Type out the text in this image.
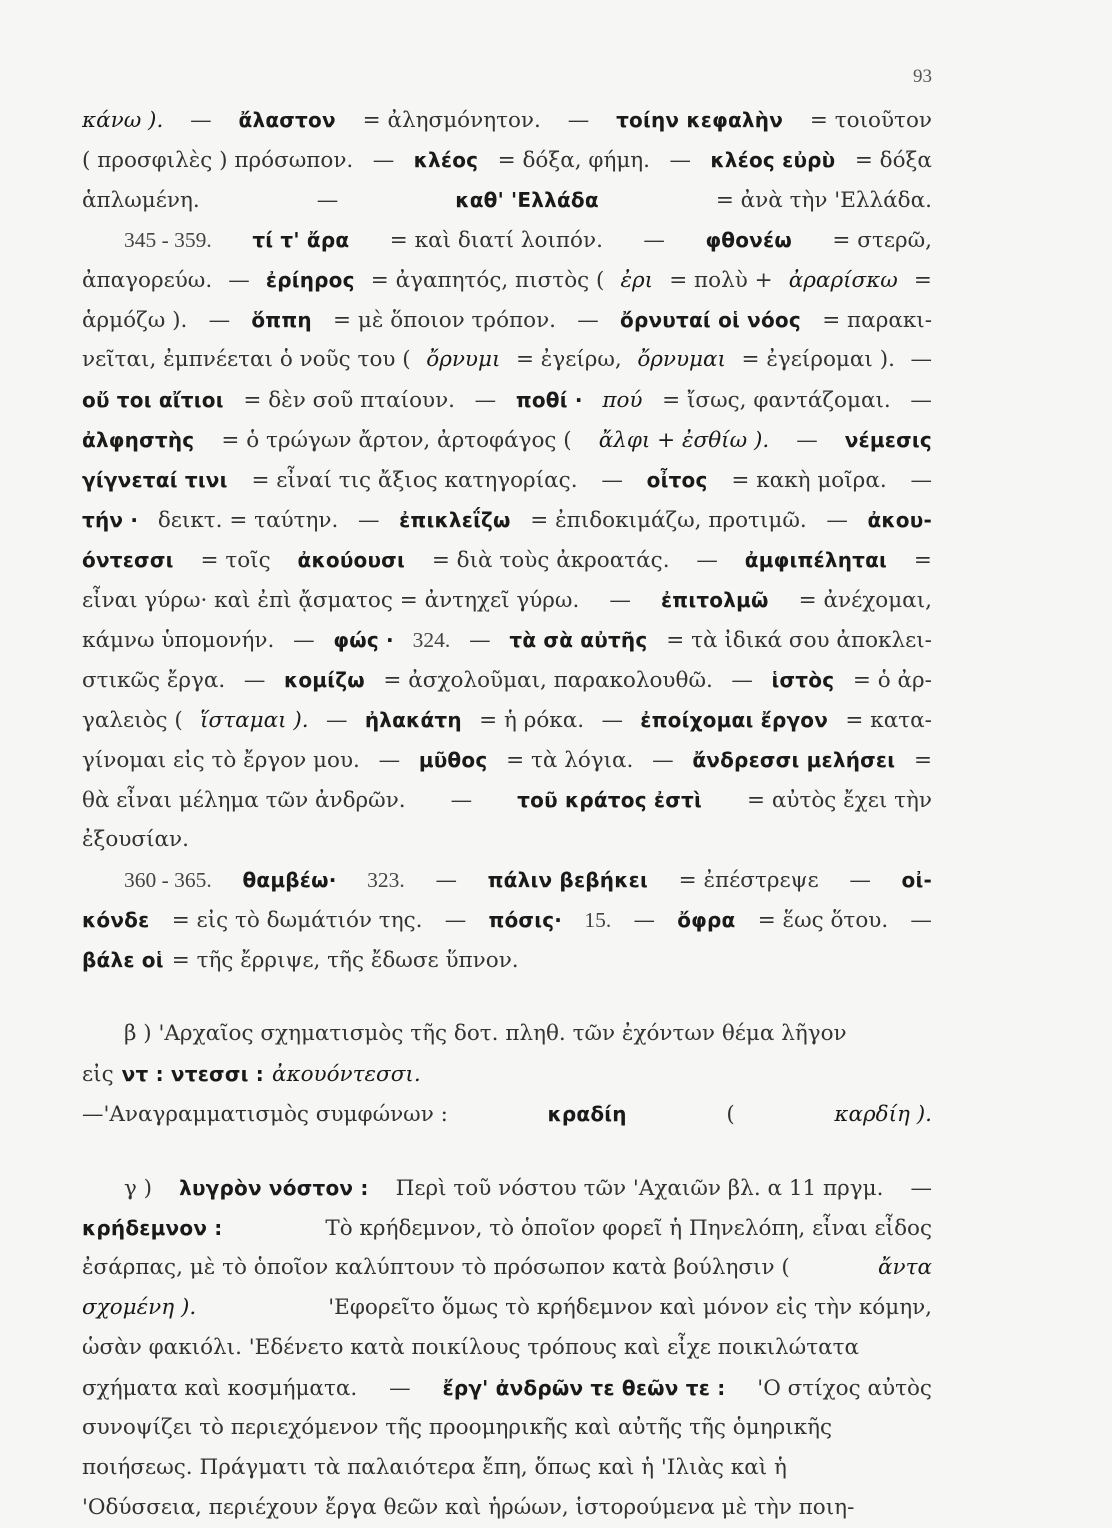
93
κάνω ). — ἄλαστον = ἀλησμόνητον. — τοίην κεφαλὴν = τοιοῦτον
( προσφιλὲς ) πρόσωπον. — κλέος = δόξα, φήμη. — κλέος εὐρὺ = δόξα
ἁπλωμένη.	—	καθ' 'Ελλάδα	= ἀνὰ τὴν 'Ελλάδα.
345 - 359. τί τ' ἄρα = καὶ διατί λοιπόν. — φθονέω = στερῶ,
ἀπαγορεύω. — ἐρίηρος = ἀγαπητός, πιστὸς ( ἐρι = πολὺ + ἀραρίσκω =
ἁρμόζω ). — ὅππη = μὲ ὅποιον τρόπον. — ὄρνυταί οἱ νόος = παρακι-
νεῖται, ἐμπνέεται ὁ νοῦς του ( ὄρνυμι = ἐγείρω, ὄρνυμαι = ἐγείρομαι ). —
οὔ τοι αἴτιοι = δὲν σοῦ πταίουν. — ποθί · πού = ἴσως, φαντάζομαι. —
ἀλφηστὴς = ὁ τρώγων ἄρτον, ἀρτοφάγος ( ἄλφι + ἐσθίω ). — νέμεσις
γίγνεταί τινι = εἶναί τις ἄξιος κατηγορίας. — οἶτος = κακὴ μοῖρα. —
τήν · δεικτ. = ταύτην. — ἐπικλεΐζω = ἐπιδοκιμάζω, προτιμῶ. — ἀκου-
όντεσσι = τοῖς ἀκούουσι = διὰ τοὺς ἀκροατάς. — ἀμφιπέληται =
εἶναι γύρω· καὶ ἐπὶ ᾄσματος = ἀντηχεῖ γύρω. — ἐπιτολμῶ = ἀνέχομαι,
κάμνω ὑπομονήν. — φώς · 324. — τὰ σὰ αὐτῆς = τὰ ἰδικά σου ἀποκλει-
στικῶς ἔργα. — κομίζω = ἀσχολοῦμαι, παρακολουθῶ. — ἱστὸς = ὁ ἀρ-
γαλειὸς ( ἵσταμαι ). — ἠλακάτη = ἡ ρόκα. — ἐποίχομαι ἔργον = κατα-
γίνομαι εἰς τὸ ἔργον μου. — μῦθος = τὰ λόγια. — ἄνδρεσσι μελήσει =
θὰ εἶναι μέλημα τῶν ἀνδρῶν. — τοῦ κράτος ἐστὶ = αὐτὸς ἔχει τὴν
ἐξουσίαν.
360 - 365. θαμβέω· 323. — πάλιν βεβήκει = ἐπέστρεψε — οἰ-
κόνδε = εἰς τὸ δωμάτιόν της. — πόσις· 15. — ὄφρα = ἕως ὅτου. —
βάλε οἱ = τῆς ἔρριψε, τῆς ἔδωσε ὕπνον.
β ) 'Αρχαῖος σχηματισμὸς τῆς δοτ. πληθ. τῶν ἐχόντων θέμα λῆγον
εἰς ντ : ντεσσι : ἀκουόντεσσι.
—'Αναγραμματισμὸς συμφώνων :	κραδίη	(	καρδίη ).
γ ) λυγρὸν νόστον : Περὶ τοῦ νόστου τῶν 'Αχαιῶν βλ. α 11 πργμ. —
κρήδεμνον :	Τὸ κρήδεμνον, τὸ ὁποῖον φορεῖ ἡ Πηνελόπη, εἶναι εἶδος
ἐσάρπας, μὲ τὸ ὁποῖον καλύπτουν τὸ πρόσωπον κατὰ βούλησιν (	ἄντα
σχομένη ).	'Εφορεῖτο ὅμως τὸ κρήδεμνον καὶ μόνον εἰς τὴν κόμην,
ὡσὰν φακιόλι. 'Εδένετο κατὰ ποικίλους τρόπους καὶ εἶχε ποικιλώτατα
σχήματα καὶ κοσμήματα. — ἔργ' ἀνδρῶν τε θεῶν τε : 'Ο στίχος αὐτὸς
συνοψίζει τὸ περιεχόμενον τῆς προομηρικῆς καὶ αὐτῆς τῆς ὁμηρικῆς
ποιήσεως. Πράγματι τὰ παλαιότερα ἔπη, ὅπως καὶ ἡ 'Ιλιὰς καὶ ἡ
'Οδύσσεια, περιέχουν ἔργα θεῶν καὶ ἡρώων, ἱστορούμενα μὲ τὴν ποιη-
